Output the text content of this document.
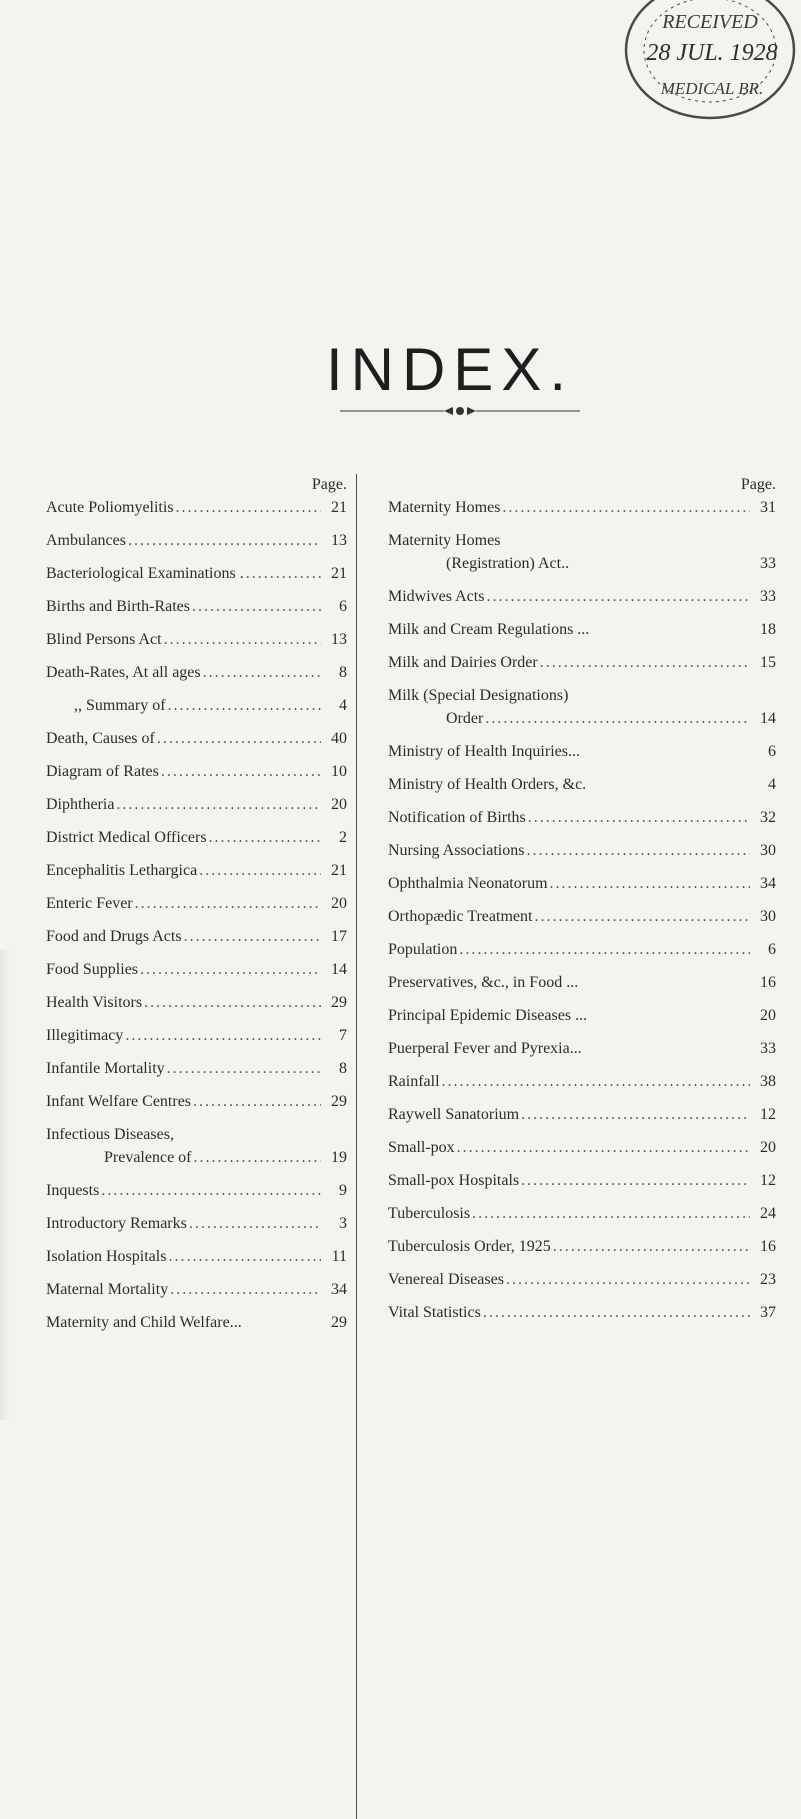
RECEIVED
28 JUL. 1928
MEDICAL BR.
INDEX.
Page.
Acute Poliomyelitis . . .	21
Ambulances . . .	13
Bacteriological Examinations . . . .	21
Births and Birth-Rates . . .	6
Blind Persons Act . . .	13
Death-Rates, At all ages . . .	8
,, Summary of . . .	4
Death, Causes of . . .	40
Diagram of Rates . . .	10
Diphtheria . . .	20
District Medical Officers . . .	2
Encephalitis Lethargica . . .	21
Enteric Fever . . .	20
Food and Drugs Acts . . .	17
Food Supplies . . .	14
Health Visitors . . .	29
Illegitimacy . . .	7
Infantile Mortality . . .	8
Infant Welfare Centres . . .	29
Infectious Diseases,
Prevalence of . . .	19
Inquests . . .	9
Introductory Remarks . . .	3
Isolation Hospitals . . .	11
Maternal Mortality . . .	34
Maternity and Child Welfare...	29
Page.
Maternity Homes . . .	31
Maternity Homes
(Registration) Act..	33
Midwives Acts . . .	33
Milk and Cream Regulations ...	18
Milk and Dairies Order . . .	15
Milk (Special Designations)
Order . . .	14
Ministry of Health Inquiries...	6
Ministry of Health Orders, &c.	4
Notification of Births . . .	32
Nursing Associations . . .	30
Ophthalmia Neonatorum . . .	34
Orthopædic Treatment . . .	30
Population . . .	6
Preservatives, &c., in Food ...	16
Principal Epidemic Diseases ...	20
Puerperal Fever and Pyrexia...	33
Rainfall . . .	38
Raywell Sanatorium . . .	12
Small-pox . . .	20
Small-pox Hospitals . . .	12
Tuberculosis . . .	24
Tuberculosis Order, 1925 . . .	16
Venereal Diseases . . .	23
Vital Statistics . . .	37
